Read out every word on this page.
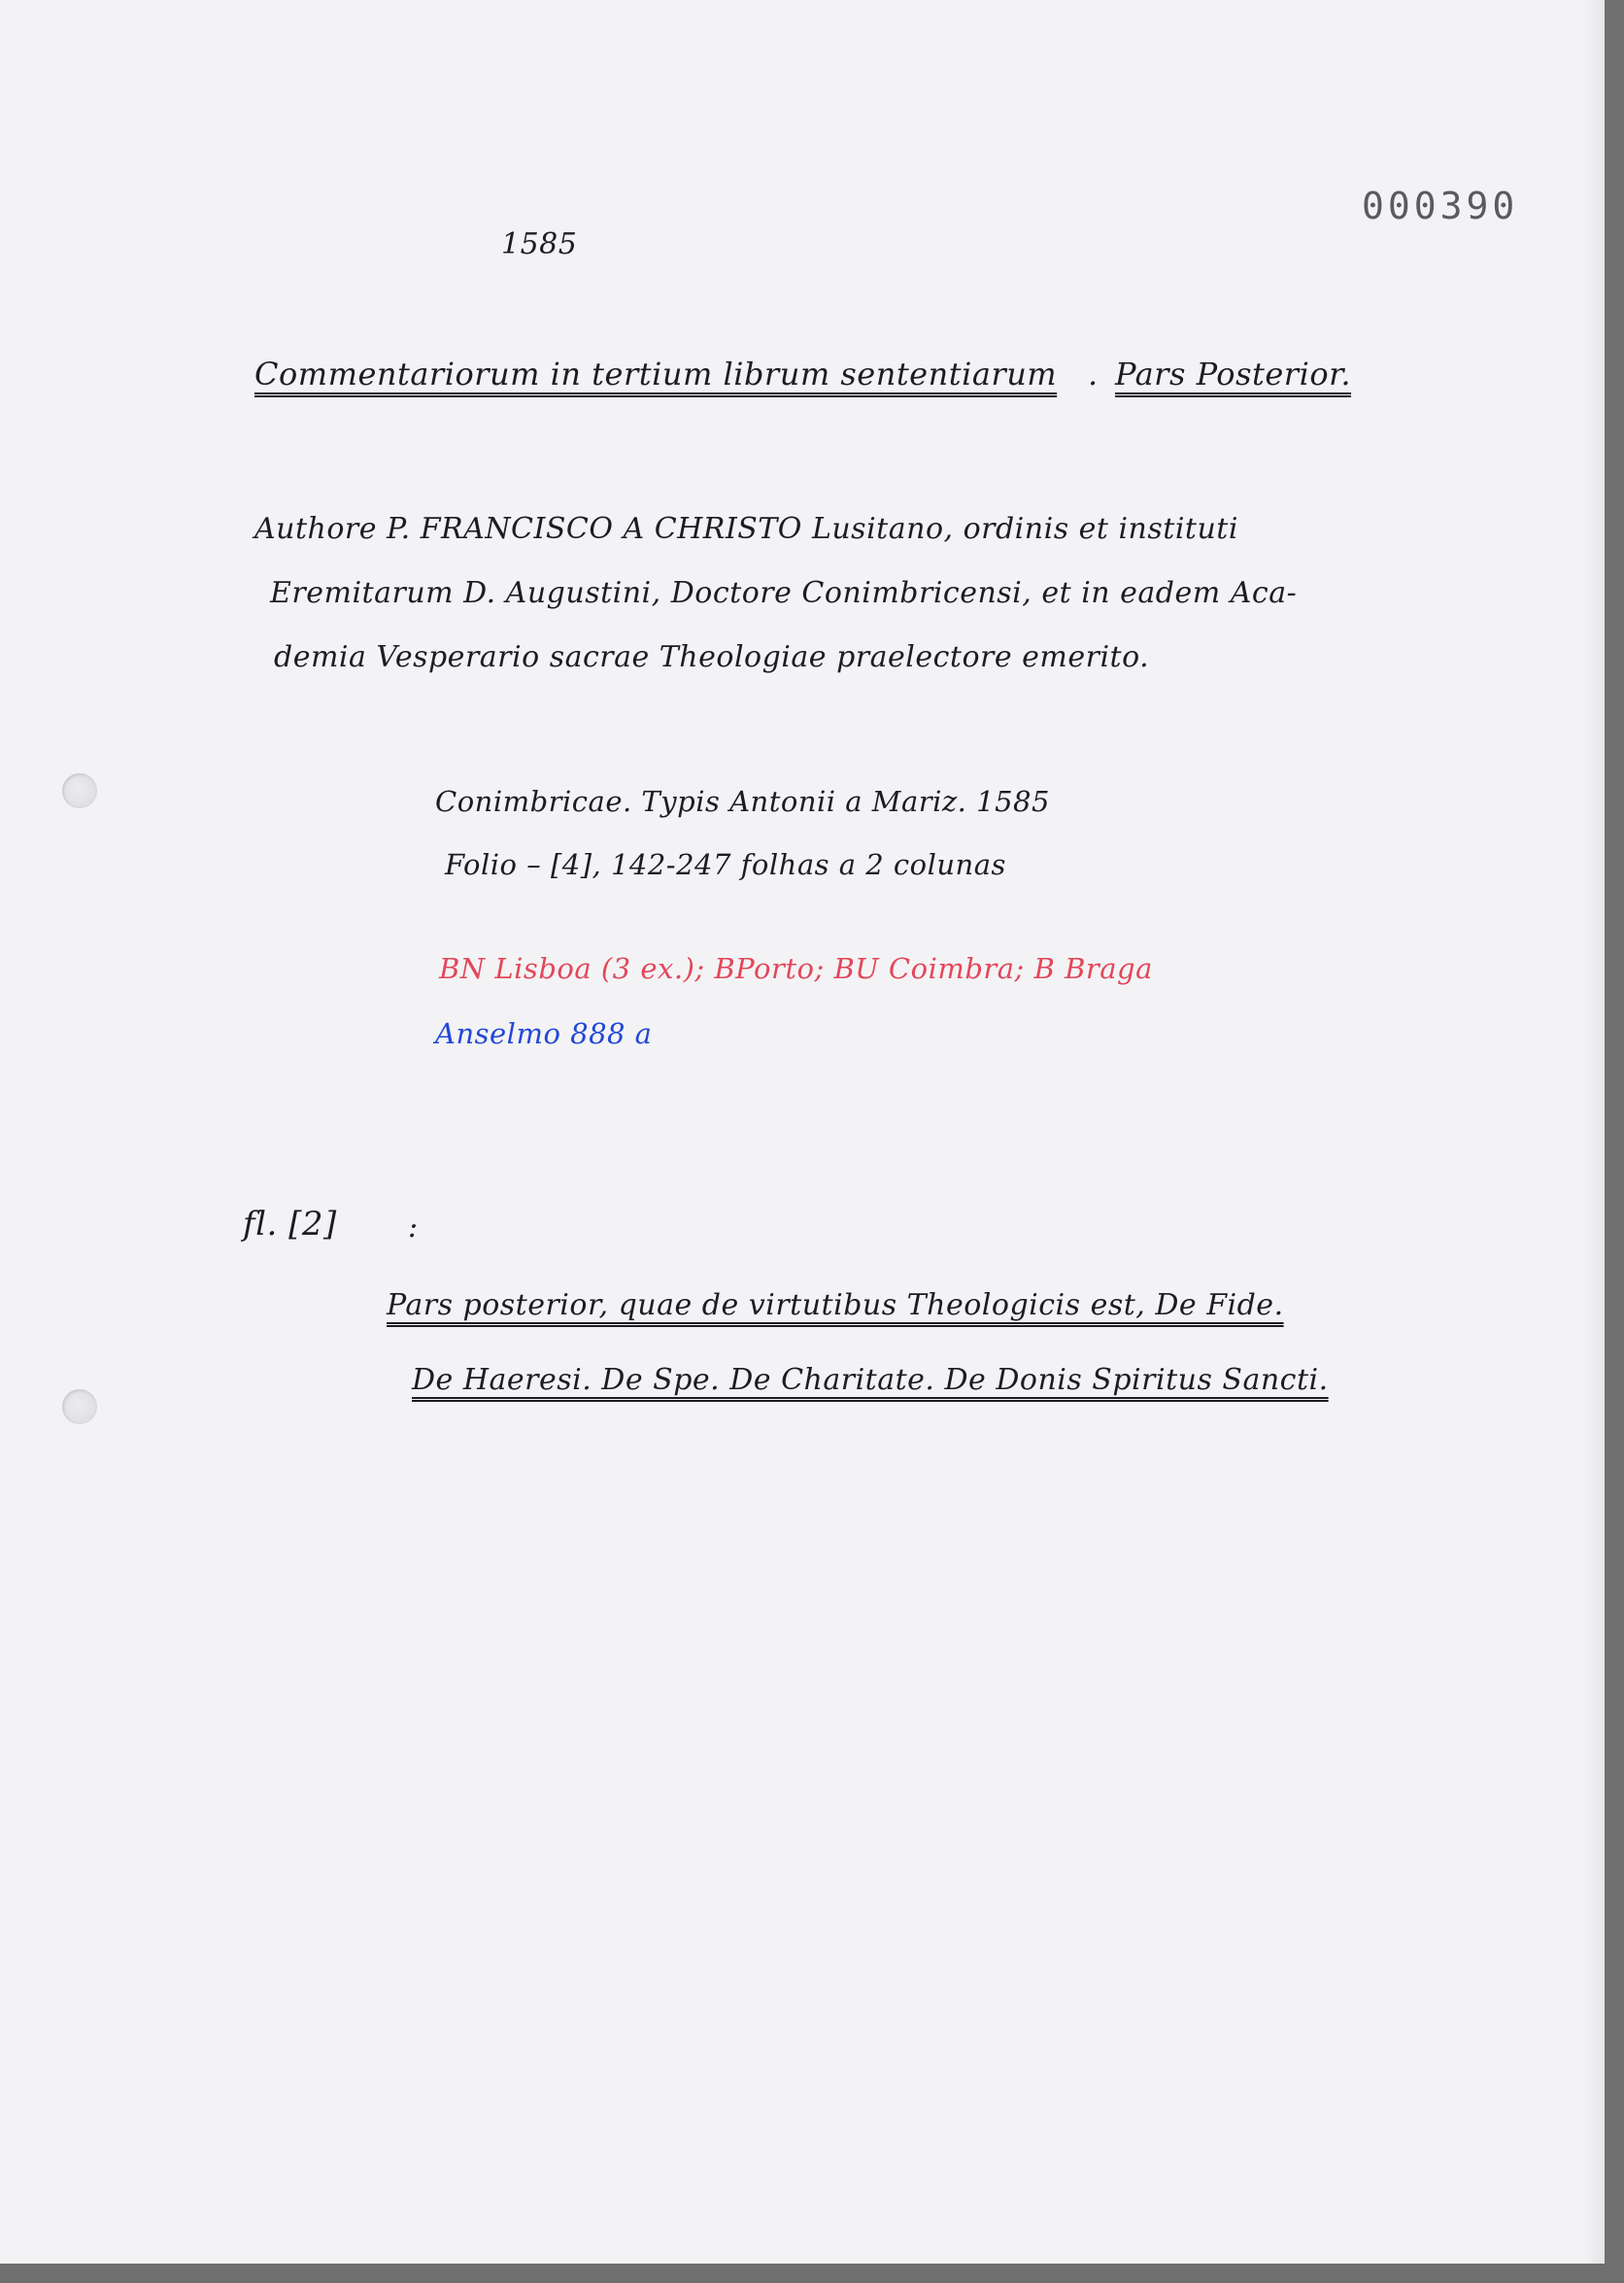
000390
1585
Commentariorum in tertium librum sententiarum . Pars Posterior.
Authore P. FRANCISCO A CHRISTO Lusitano, ordinis et instituti
Eremitarum D. Augustini, Doctore Conimbricensi, et in eadem Aca-
demia Vesperario sacrae Theologiae praelectore emerito.
Conimbricae. Typis Antonii a Mariz. 1585
Folio – [4], 142-247 folhas a 2 colunas
BN Lisboa (3 ex.); BPorto; BU Coimbra; B Braga
Anselmo 888 a
fl. [2] :
Pars posterior, quae de virtutibus Theologicis est, De Fide.
De Haeresi. De Spe. De Charitate. De Donis Spiritus Sancti.
